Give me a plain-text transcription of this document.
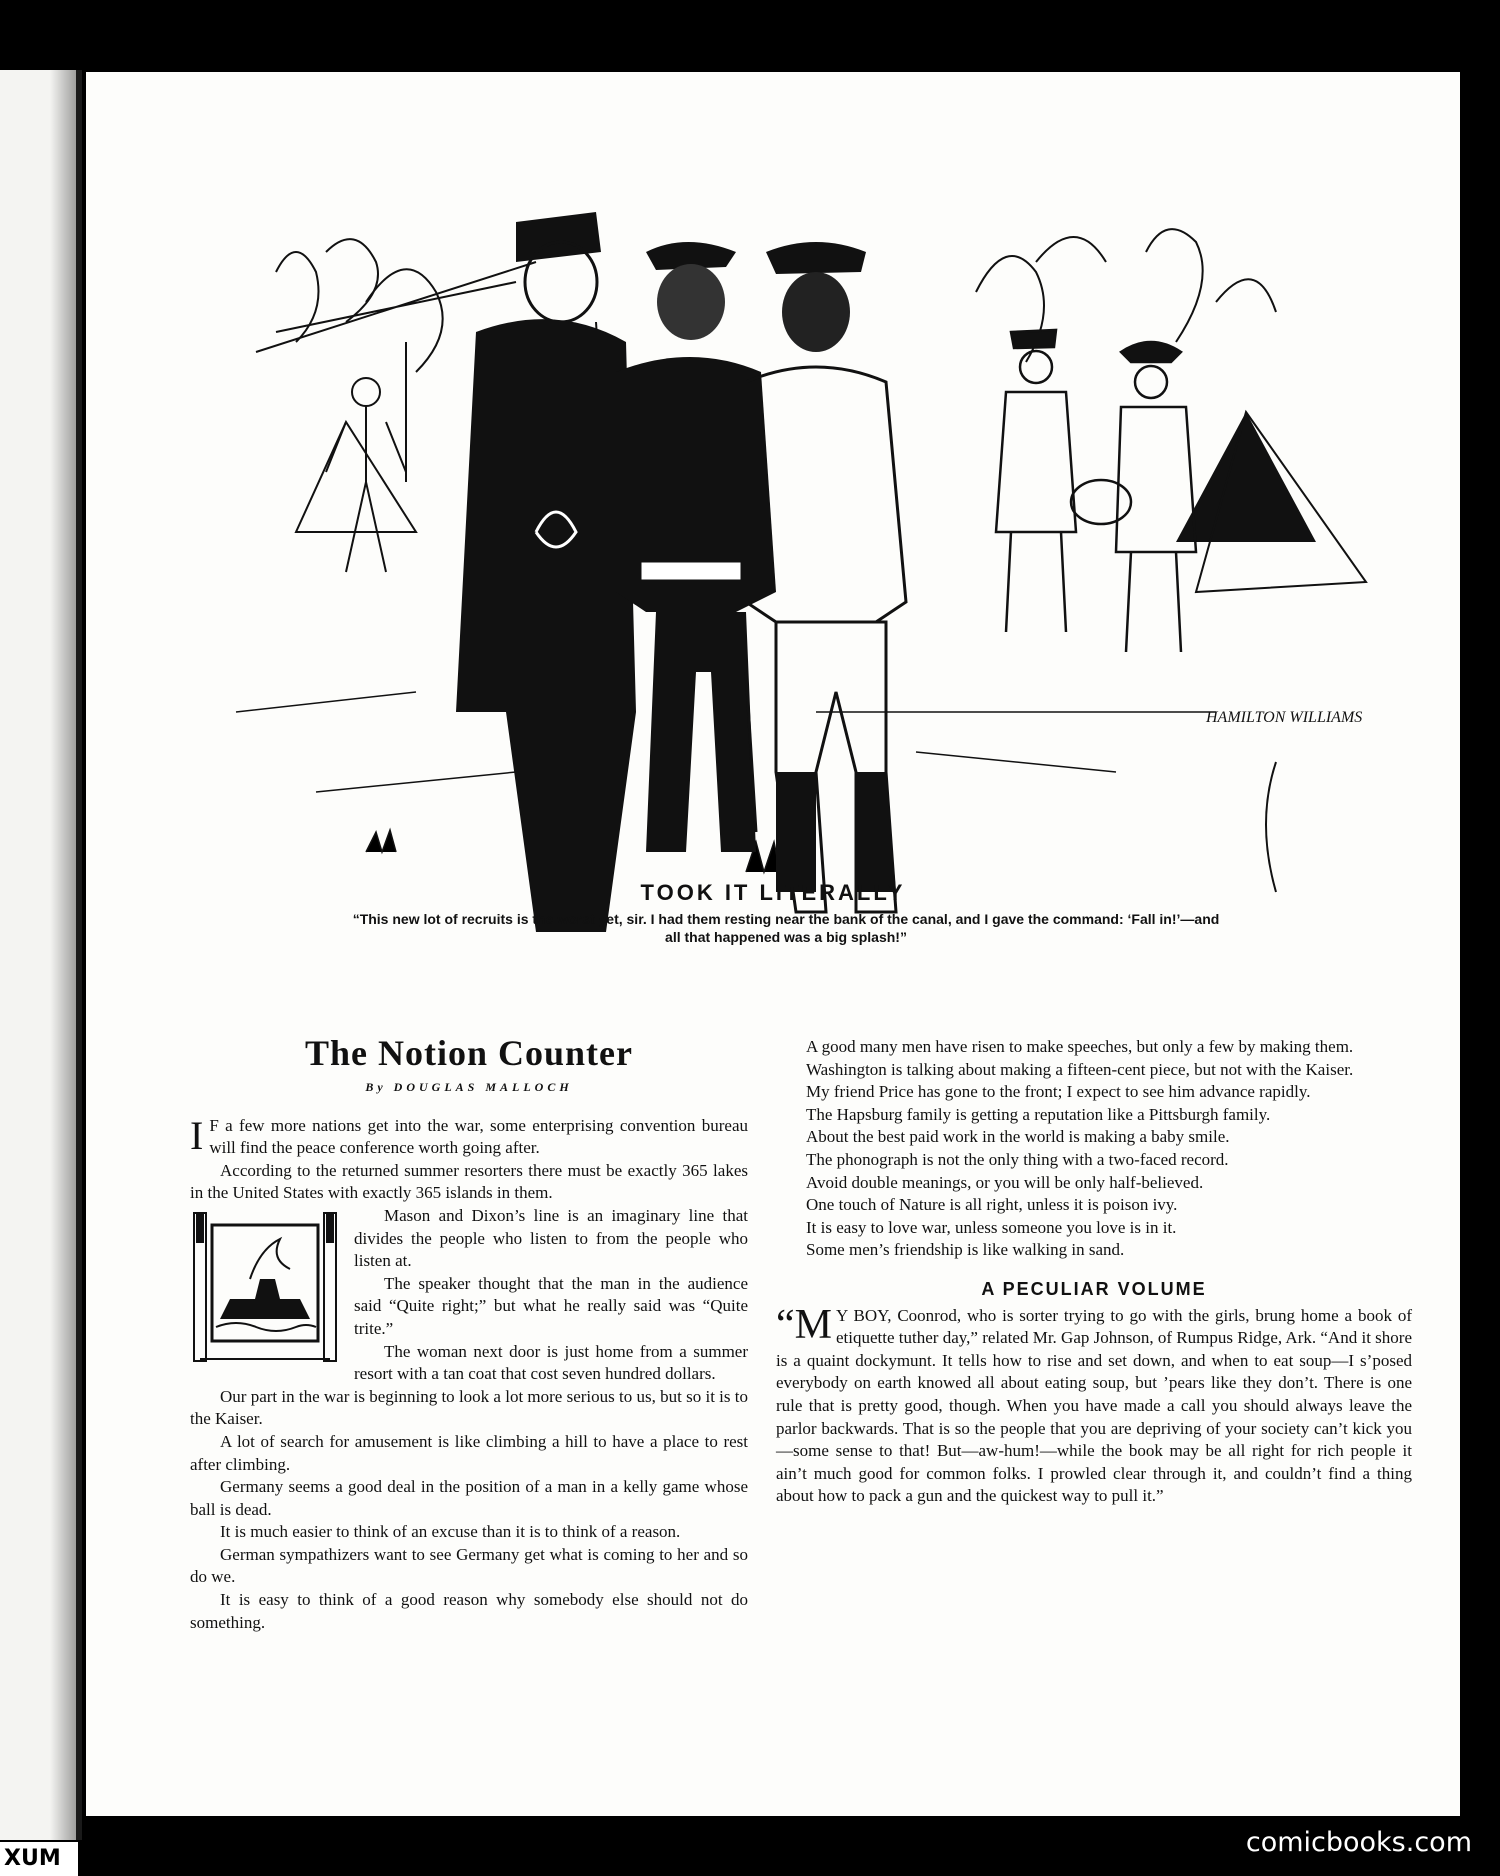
HAMILTON WILLIAMS
TOOK IT LITERALLY
“This new lot of recruits is the worst yet, sir. I had them resting near the bank of the canal, and I gave the command: ‘Fall in!’—and all that happened was a big splash!”
The Notion Counter
By DOUGLAS MALLOCH

I F a few more nations get into the war, some enterprising convention bureau will find the peace conference worth going after.

According to the returned summer resorters there must be exactly 365 lakes in the United States with exactly 365 islands in them.

Mason and Dixon’s line is an imaginary line that divides the people who listen to from the people who listen at.

The speaker thought that the man in the audience said “Quite right;” but what he really said was “Quite trite.”

The woman next door is just home from a summer resort with a tan coat that cost seven hundred dollars.

Our part in the war is beginning to look a lot more serious to us, but so it is to the Kaiser.

A lot of search for amusement is like climbing a hill to have a place to rest after climbing.

Germany seems a good deal in the position of a man in a kelly game whose ball is dead.

It is much easier to think of an excuse than it is to think of a reason.

German sympathizers want to see Germany get what is coming to her and so do we.

It is easy to think of a good reason why somebody else should not do something.

A good many men have risen to make speeches, but only a few by making them.

Washington is talking about making a fifteen-cent piece, but not with the Kaiser.

My friend Price has gone to the front; I expect to see him advance rapidly.

The Hapsburg family is getting a reputation like a Pittsburgh family.

About the best paid work in the world is making a baby smile.

The phonograph is not the only thing with a two-faced record.

Avoid double meanings, or you will be only half-believed.

One touch of Nature is all right, unless it is poison ivy.

It is easy to love war, unless someone you love is in it.

Some men’s friendship is like walking in sand.

A PECULIAR VOLUME

“M Y BOY, Coonrod, who is sorter trying to go with the girls, brung home a book of etiquette tuther day,” related Mr. Gap Johnson, of Rumpus Ridge, Ark. “And it shore is a quaint dockymunt. It tells how to rise and set down, and when to eat soup—I s’posed everybody on earth knowed all about eating soup, but ’pears like they don’t. There is one rule that is pretty good, though. When you have made a call you should always leave the parlor backwards. That is so the people that you are depriving of your society can’t kick you—some sense to that! But—aw-hum!—while the book may be all right for rich people it ain’t much good for common folks. I prowled clear through it, and couldn’t find a thing about how to pack a gun and the quickest way to pull it.”

comicbooks.com
XUM
